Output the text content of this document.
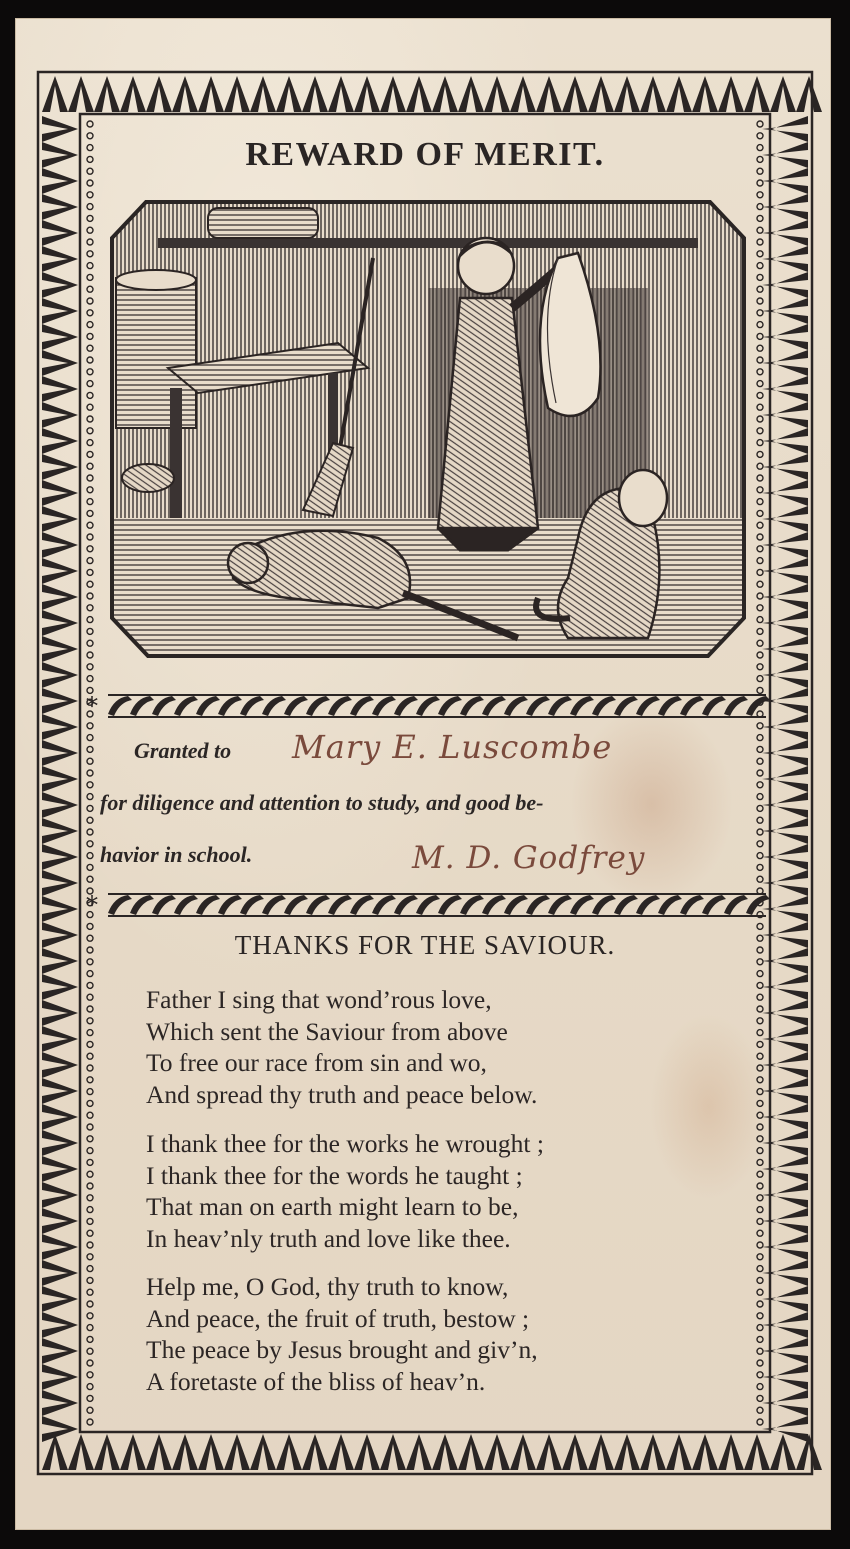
REWARD OF MERIT.
*
*
Granted to Mary E. Luscombe
for diligence and attention to study, and good be-
havior in school.	M. D. Godfrey
THANKS FOR THE SAVIOUR.
Father I sing that wond’rous love,
Which sent the Saviour from above
To free our race from sin and wo,
And spread thy truth and peace below.
I thank thee for the works he wrought ;
I thank thee for the words he taught ;
That man on earth might learn to be,
In heav’nly truth and love like thee.
Help me, O God, thy truth to know,
And peace, the fruit of truth, bestow ;
The peace by Jesus brought and giv’n,
A foretaste of the bliss of heav’n.
